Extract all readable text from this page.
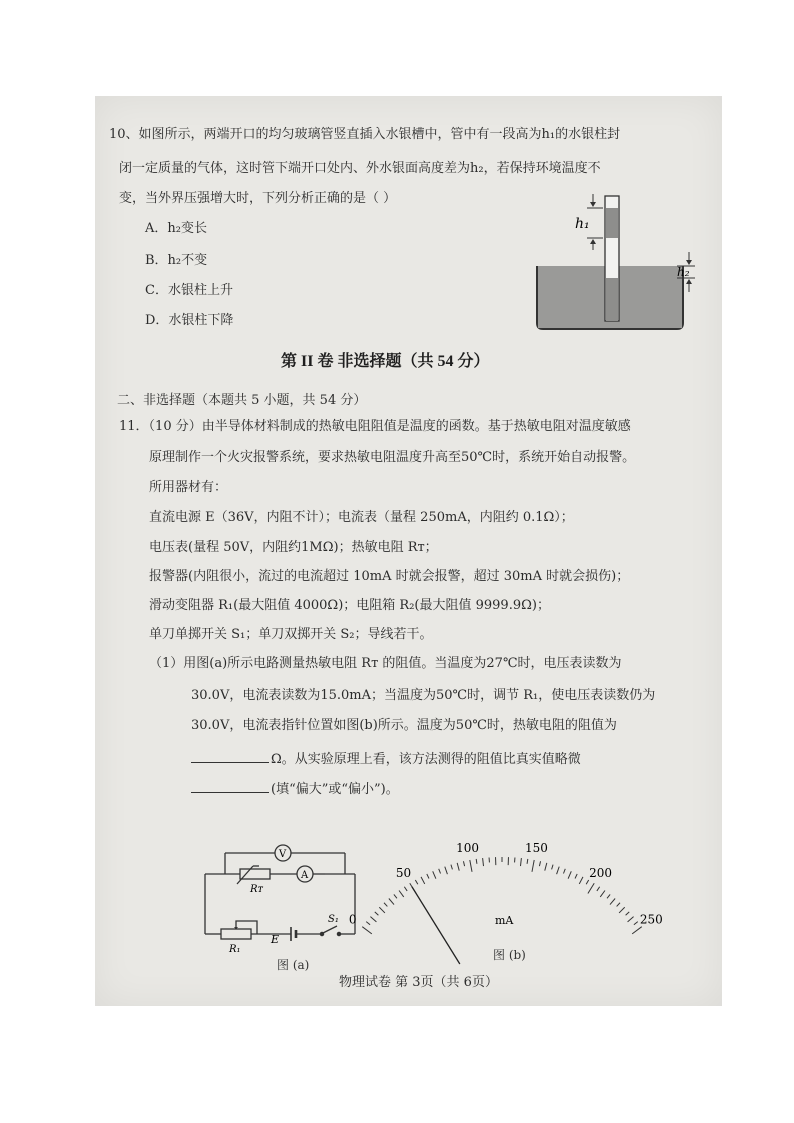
10、如图所示，两端开口的均匀玻璃管竖直插入水银槽中，管中有一段高为h₁的水银柱封
闭一定质量的气体，这时管下端开口处内、外水银面高度差为h₂，若保持环境温度不
变，当外界压强增大时，下列分析正确的是（ ）
A．h₂变长
B．h₂不变
C．水银柱上升
D．水银柱下降
h₁
h₂
第 II 卷 非选择题（共 54 分）
二、非选择题（本题共 5 小题，共 54 分）
11．（10 分）由半导体材料制成的热敏电阻阻值是温度的函数。基于热敏电阻对温度敏感
原理制作一个火灾报警系统，要求热敏电阻温度升高至50℃时，系统开始自动报警。
所用器材有：
直流电源 E（36V，内阻不计）；电流表（量程 250mA，内阻约 0.1Ω）；
电压表(量程 50V，内阻约1MΩ)；热敏电阻 Rᴛ；
报警器(内阻很小，流过的电流超过 10mA 时就会报警，超过 30mA 时就会损伤)；
滑动变阻器 R₁(最大阻值 4000Ω)；电阻箱 R₂(最大阻值 9999.9Ω)；
单刀单掷开关 S₁；单刀双掷开关 S₂；导线若干。
（1）用图(a)所示电路测量热敏电阻 Rᴛ 的阻值。当温度为27℃时，电压表读数为
30.0V，电流表读数为15.0mA；当温度为50℃时，调节 R₁，使电压表读数仍为
30.0V，电流表指针位置如图(b)所示。温度为50℃时，热敏电阻的阻值为
Ω。从实验原理上看，该方法测得的阻值比真实值略微
(填“偏大”或“偏小”)。
V
A
Rᴛ
R₁
E
S₁
图 (a)
0
50
100	150
200
250
mA
图 (b)
物理试卷 第 3页（共 6页）
